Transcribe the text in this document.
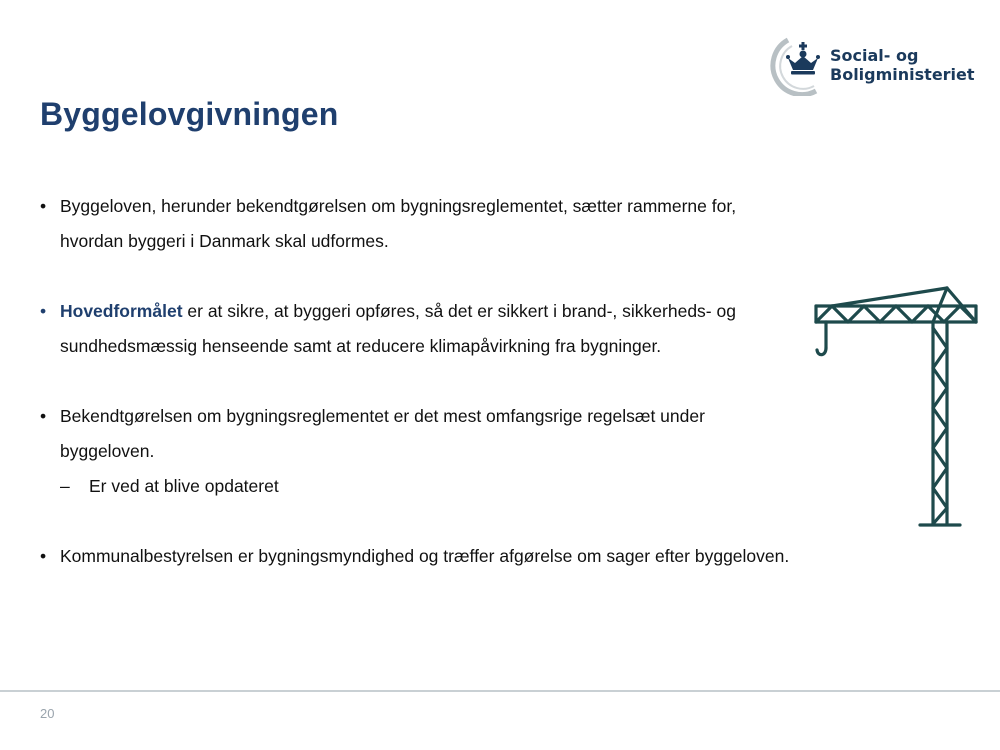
Social- og
Boligministeriet
Byggelovgivningen

• Byggeloven, herunder bekendtgørelsen om bygningsreglementet, sætter rammerne for,
hvordan byggeri i Danmark skal udformes.

• Hovedformålet er at sikre, at byggeri opføres, så det er sikkert i brand-, sikkerheds- og
sundhedsmæssig henseende samt at reducere klimapåvirkning fra bygninger.

• Bekendtgørelsen om bygningsreglementet er det mest omfangsrige regelsæt under
byggeloven.

– Er ved at blive opdateret

• Kommunalbestyrelsen er bygningsmyndighed og træffer afgørelse om sager efter byggeloven.

20
